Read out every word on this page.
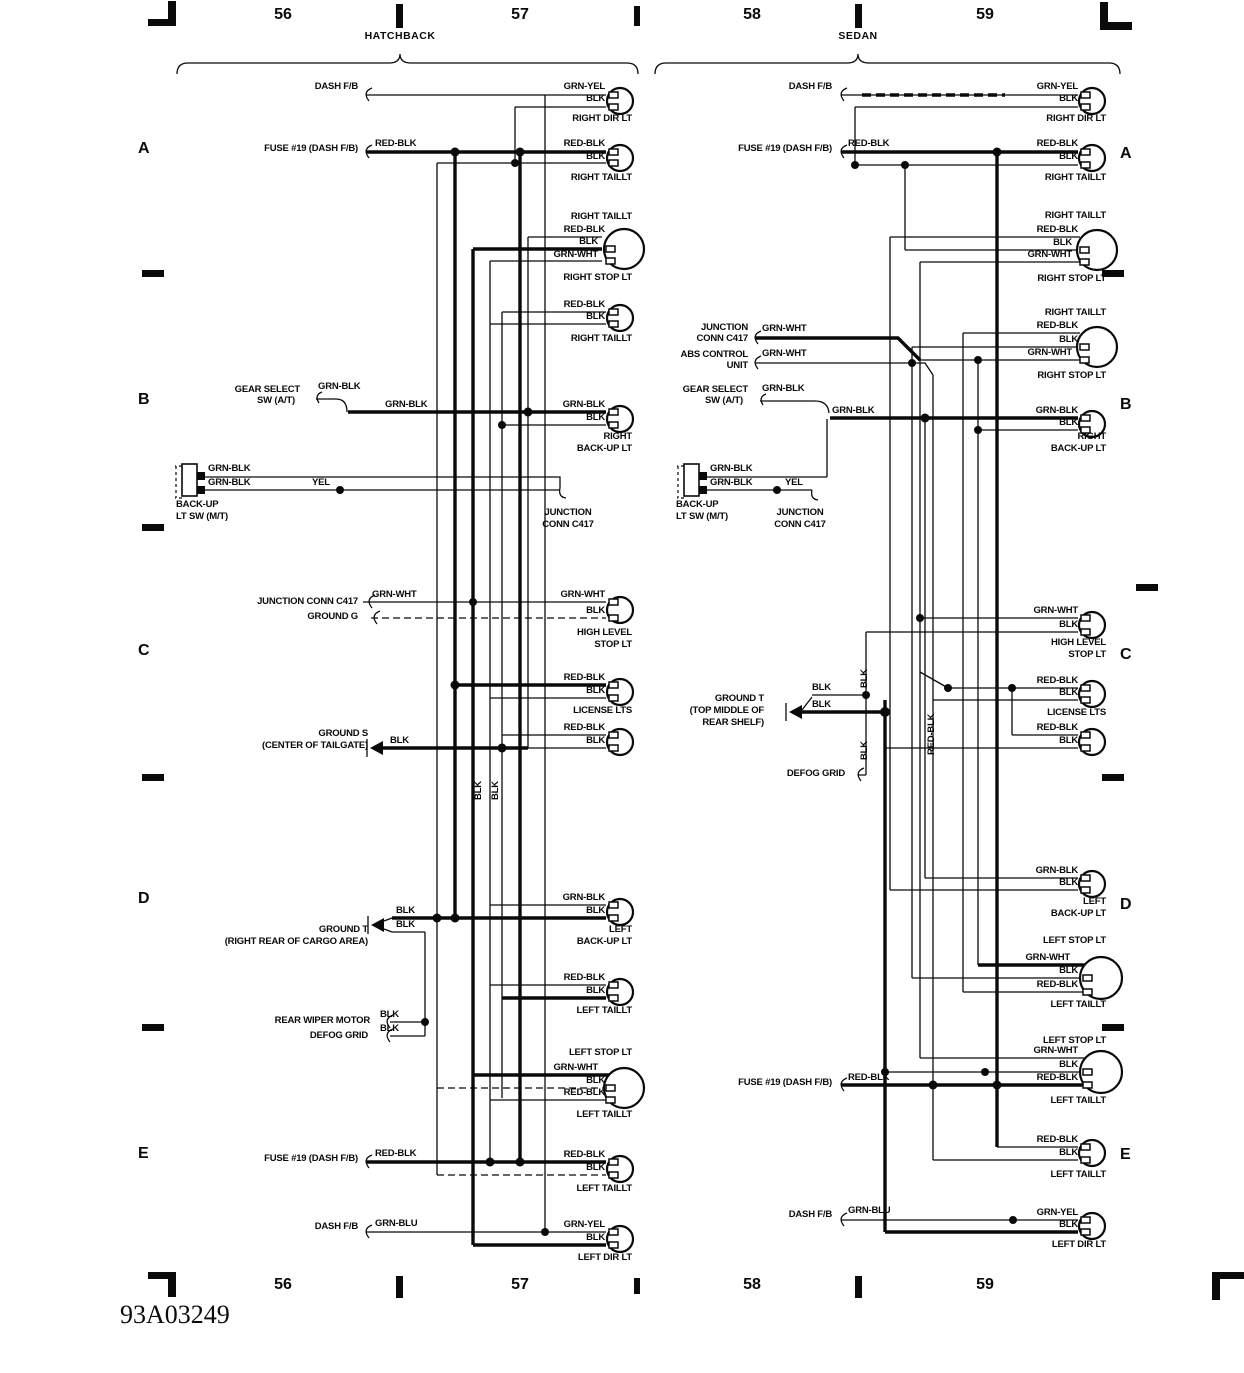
93A03249
56	57	58	59
56	57	58	59
A
B
C
D
E
A
B
C
D
E
HATCHBACK	SEDAN
DASH F/B	GRN-YEL
BLK
RIGHT DIR LT
FUSE #19 (DASH F/B) RED-BLK	RED-BLK
BLK
RIGHT TAILLT
RIGHT TAILLT
RED-BLK
BLK
GRN-WHT
RIGHT STOP LT
RED-BLK
BLK
RIGHT TAILLT
GEAR SELECT GRN-BLK
SW (A/T)	GRN-BLK	GRN-BLK
BLK
RIGHT
BACK-UP LT
GRN-BLK
GRN-BLK	YEL
BACK-UP
LT SW (M/T)	JUNCTION
CONN C417
JUNCTION CONN C417
GRN-WHT
GROUND G
GRN-WHT
BLK
HIGH LEVEL
STOP LT
RED-BLK
BLK
LICENSE LTS
RED-BLK
BLK
GROUND S
(CENTER OF TAILGATE) BLK
BLK BLK
BLK
BLK
GROUND T
(RIGHT REAR OF CARGO AREA)
GRN-BLK
BLK
LEFT
BACK-UP LT
RED-BLK
BLK
LEFT TAILLT
REAR WIPER MOTOR
BLK
DEFOG GRID
BLK
LEFT STOP LT
GRN-WHT
BLK
RED-BLK
LEFT TAILLT
FUSE #19 (DASH F/B) RED-BLK	RED-BLK
BLK
LEFT TAILLT
DASH F/B GRN-BLU	GRN-YEL
BLK
LEFT DIR LT
DASH F/B	GRN-YEL
BLK
RIGHT DIR LT
FUSE #19 (DASH F/B) RED-BLK	RED-BLK
BLK
RIGHT TAILLT
RIGHT TAILLT
RED-BLK
BLK
GRN-WHT
RIGHT STOP LT
RIGHT TAILLT
JUNCTION GRN-WHT
CONN C417
RED-BLK
BLK
ABS CONTROL
UNIT
GRN-WHT	GRN-WHT
RIGHT STOP LT
GEAR SELECT GRN-BLK
SW (A/T)
GRN-BLK	GRN-BLK
BLK
RIGHT
BACK-UP LT
GRN-BLK
GRN-BLK	YEL
BACK-UP
LT SW (M/T)	JUNCTION
CONN C417
GRN-WHT
BLK
HIGH LEVEL
STOP LT
BLK
BLK
GROUND T
BLK
(TOP MIDDLE OF
REAR SHELF)
BLK	RED-BLK
RED-BLK
BLK
LICENSE LTS
RED-BLK
BLK
DEFOG GRID
GRN-BLK
BLK
LEFT
BACK-UP LT
LEFT STOP LT
GRN-WHT
BLK
RED-BLK
LEFT TAILLT
LEFT STOP LT
GRN-WHT
BLK
FUSE #19 (DASH F/B) RED-BLK	RED-BLK
LEFT TAILLT
RED-BLK
BLK
LEFT TAILLT
DASH F/B GRN-BLU	GRN-YEL
BLK
LEFT DIR LT
